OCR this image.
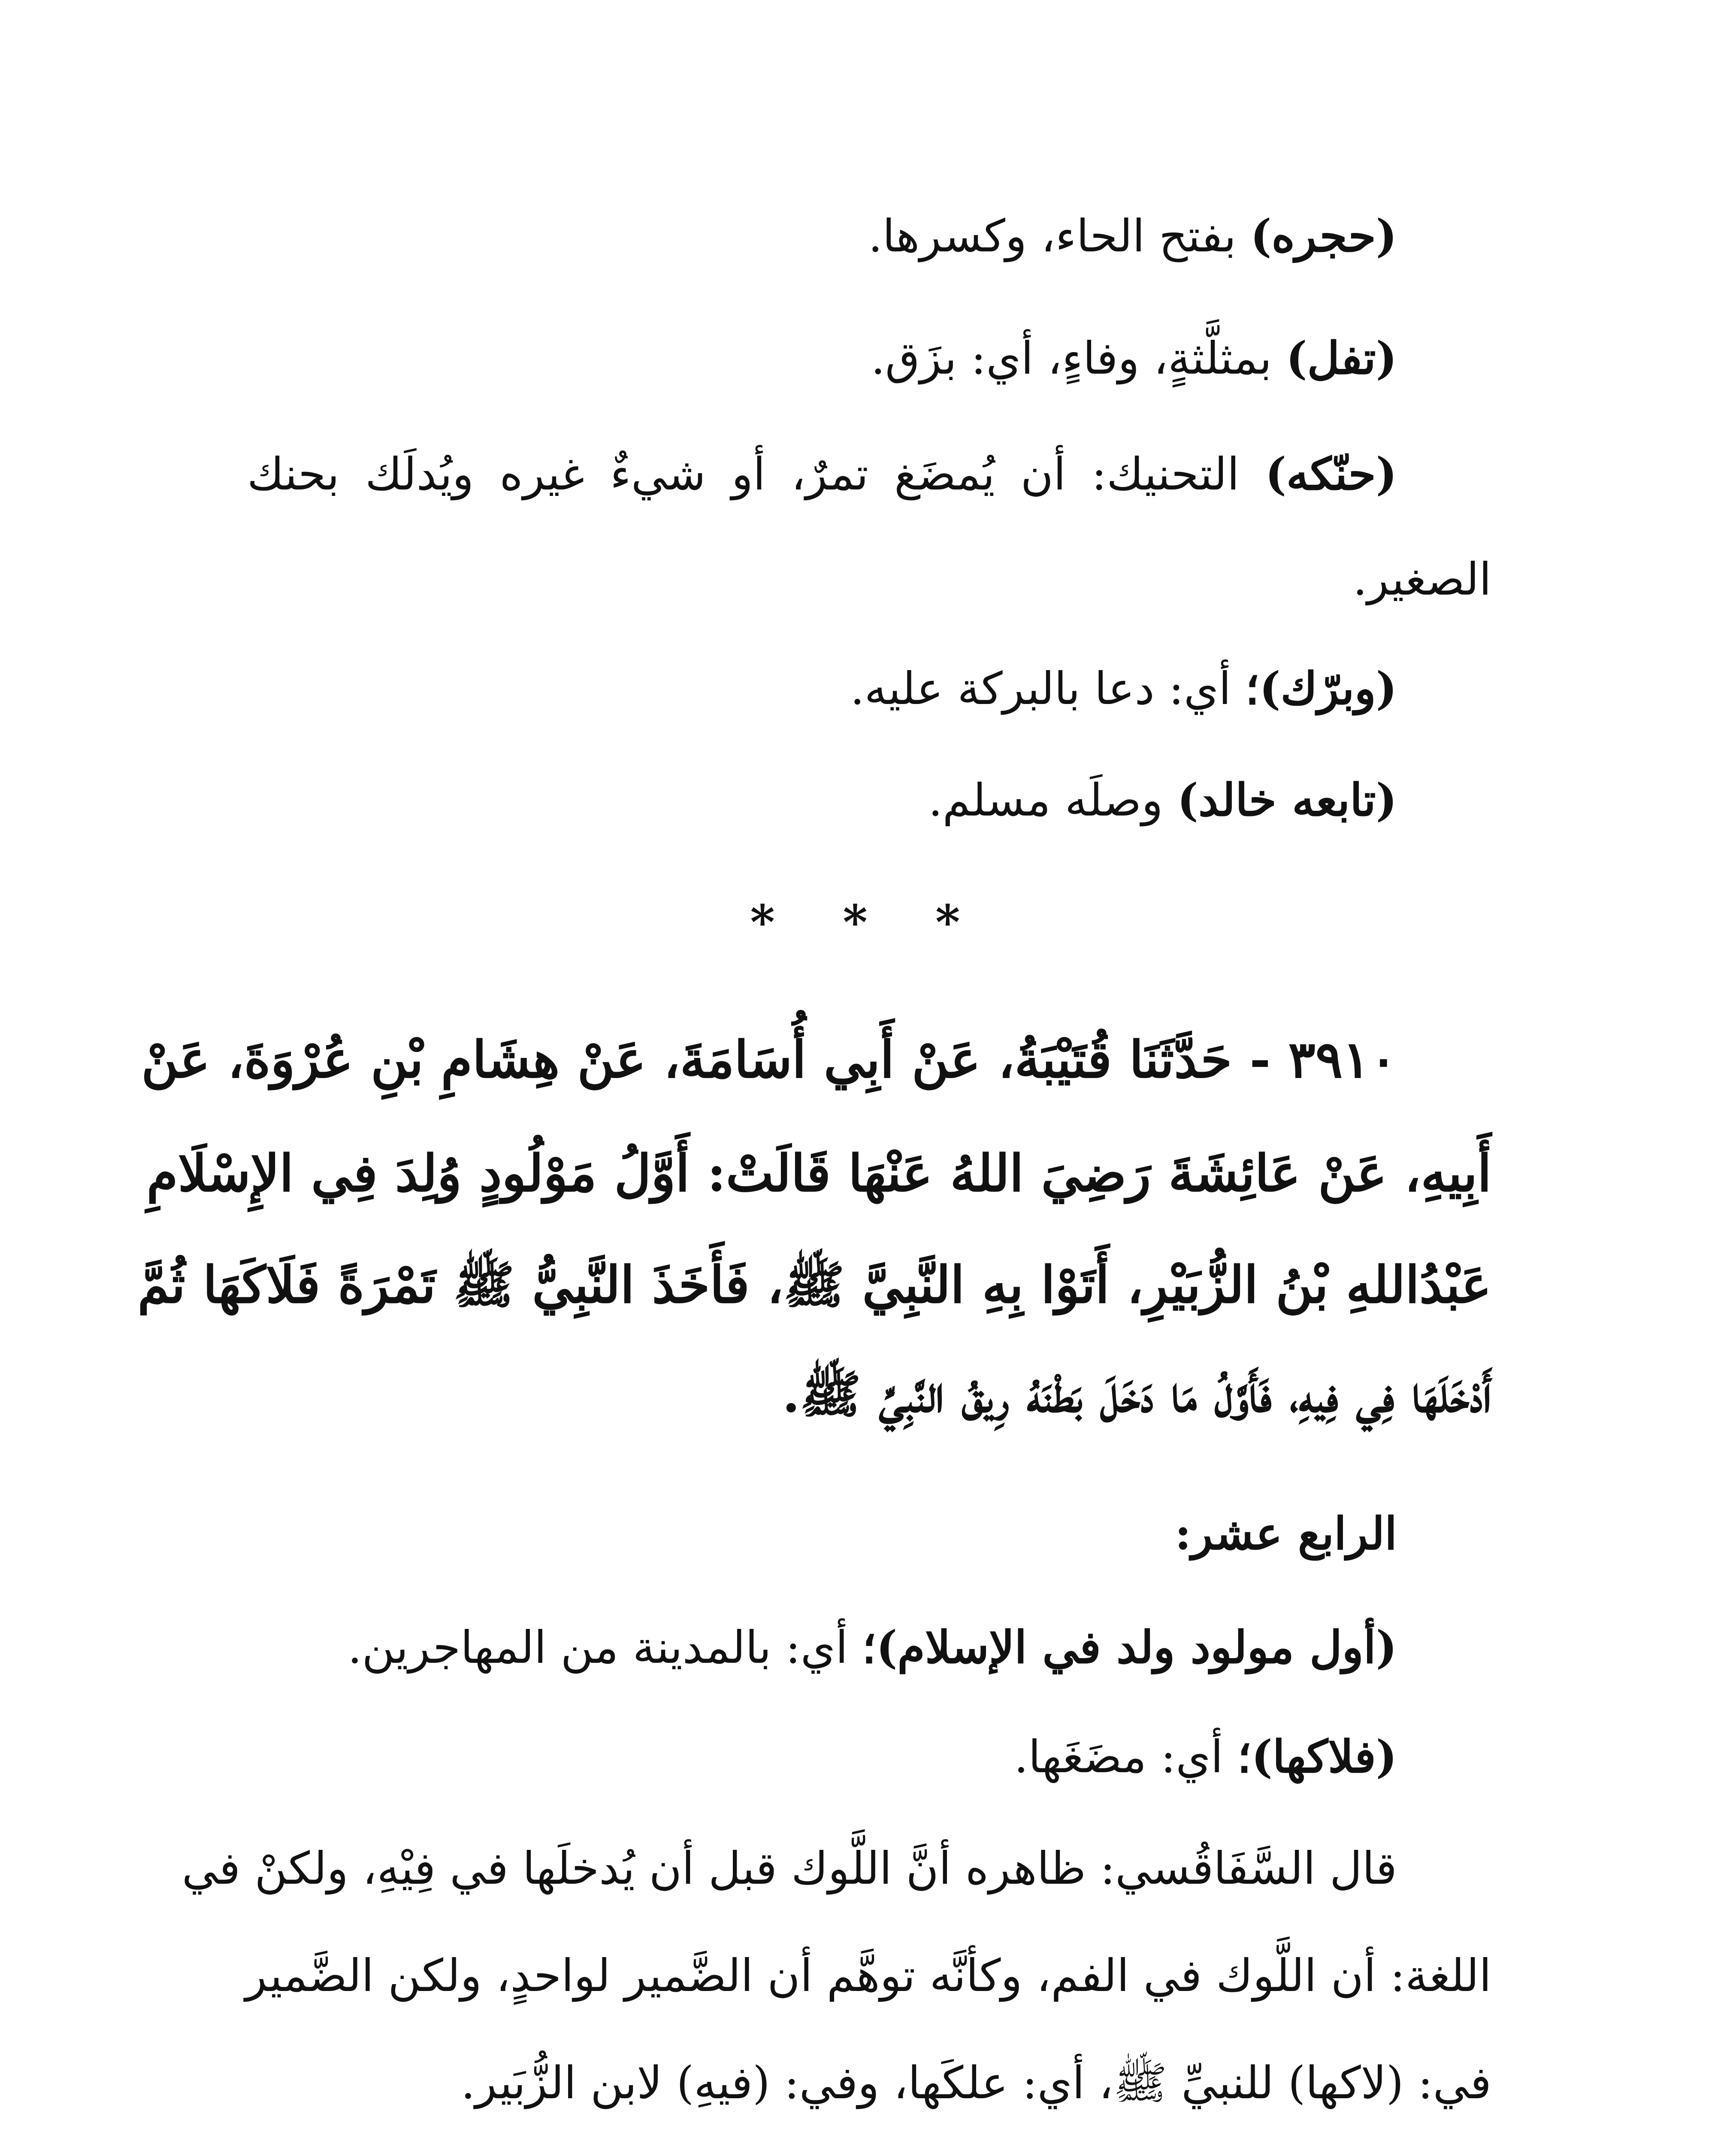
(حجره) بفتح الحاء، وكسرها.
(تفل) بمثلَّثةٍ، وفاءٍ، أي: بزَق.
(حنّكه) التحنيك: أن يُمضَغ تمرٌ، أو شيءٌ غيره ويُدلَك بحنك
الصغير.
(وبرّك)؛ أي: دعا بالبركة عليه.
(تابعه خالد) وصلَه مسلم.
* * *
٣٩١٠ - حَدَّثَنَا قُتَيْبَةُ، عَنْ أَبِي أُسَامَةَ، عَنْ هِشَامِ بْنِ عُرْوَةَ، عَنْ
أَبِيهِ، عَنْ عَائِشَةَ رَضِيَ اللهُ عَنْهَا قَالَتْ: أَوَّلُ مَوْلُودٍ وُلِدَ فِي الإِسْلَامِ
عَبْدُاللهِ بْنُ الزُّبَيْرِ، أَتَوْا بِهِ النَّبِيَّ ﷺ، فَأَخَذَ النَّبِيُّ ﷺ تَمْرَةً فَلَاكَهَا ثُمَّ
أَدْخَلَهَا فِي فِيهِ، فَأَوَّلُ مَا دَخَلَ بَطْنَهُ رِيقُ النَّبِيِّ ﷺ.
الرابع عشر:
(أول مولود ولد في الإسلام)؛ أي: بالمدينة من المهاجرين.
(فلاكها)؛ أي: مضَغَها.
قال السَّفَاقُسي: ظاهره أنَّ اللَّوك قبل أن يُدخلَها في فِيْهِ، ولكنْ في
اللغة: أن اللَّوك في الفم، وكأنَّه توهَّم أن الضَّمير لواحدٍ، ولكن الضَّمير
في: (لاكها) للنبيِّ ﷺ، أي: علكَها، وفي: (فيهِ) لابن الزُّبَير.
